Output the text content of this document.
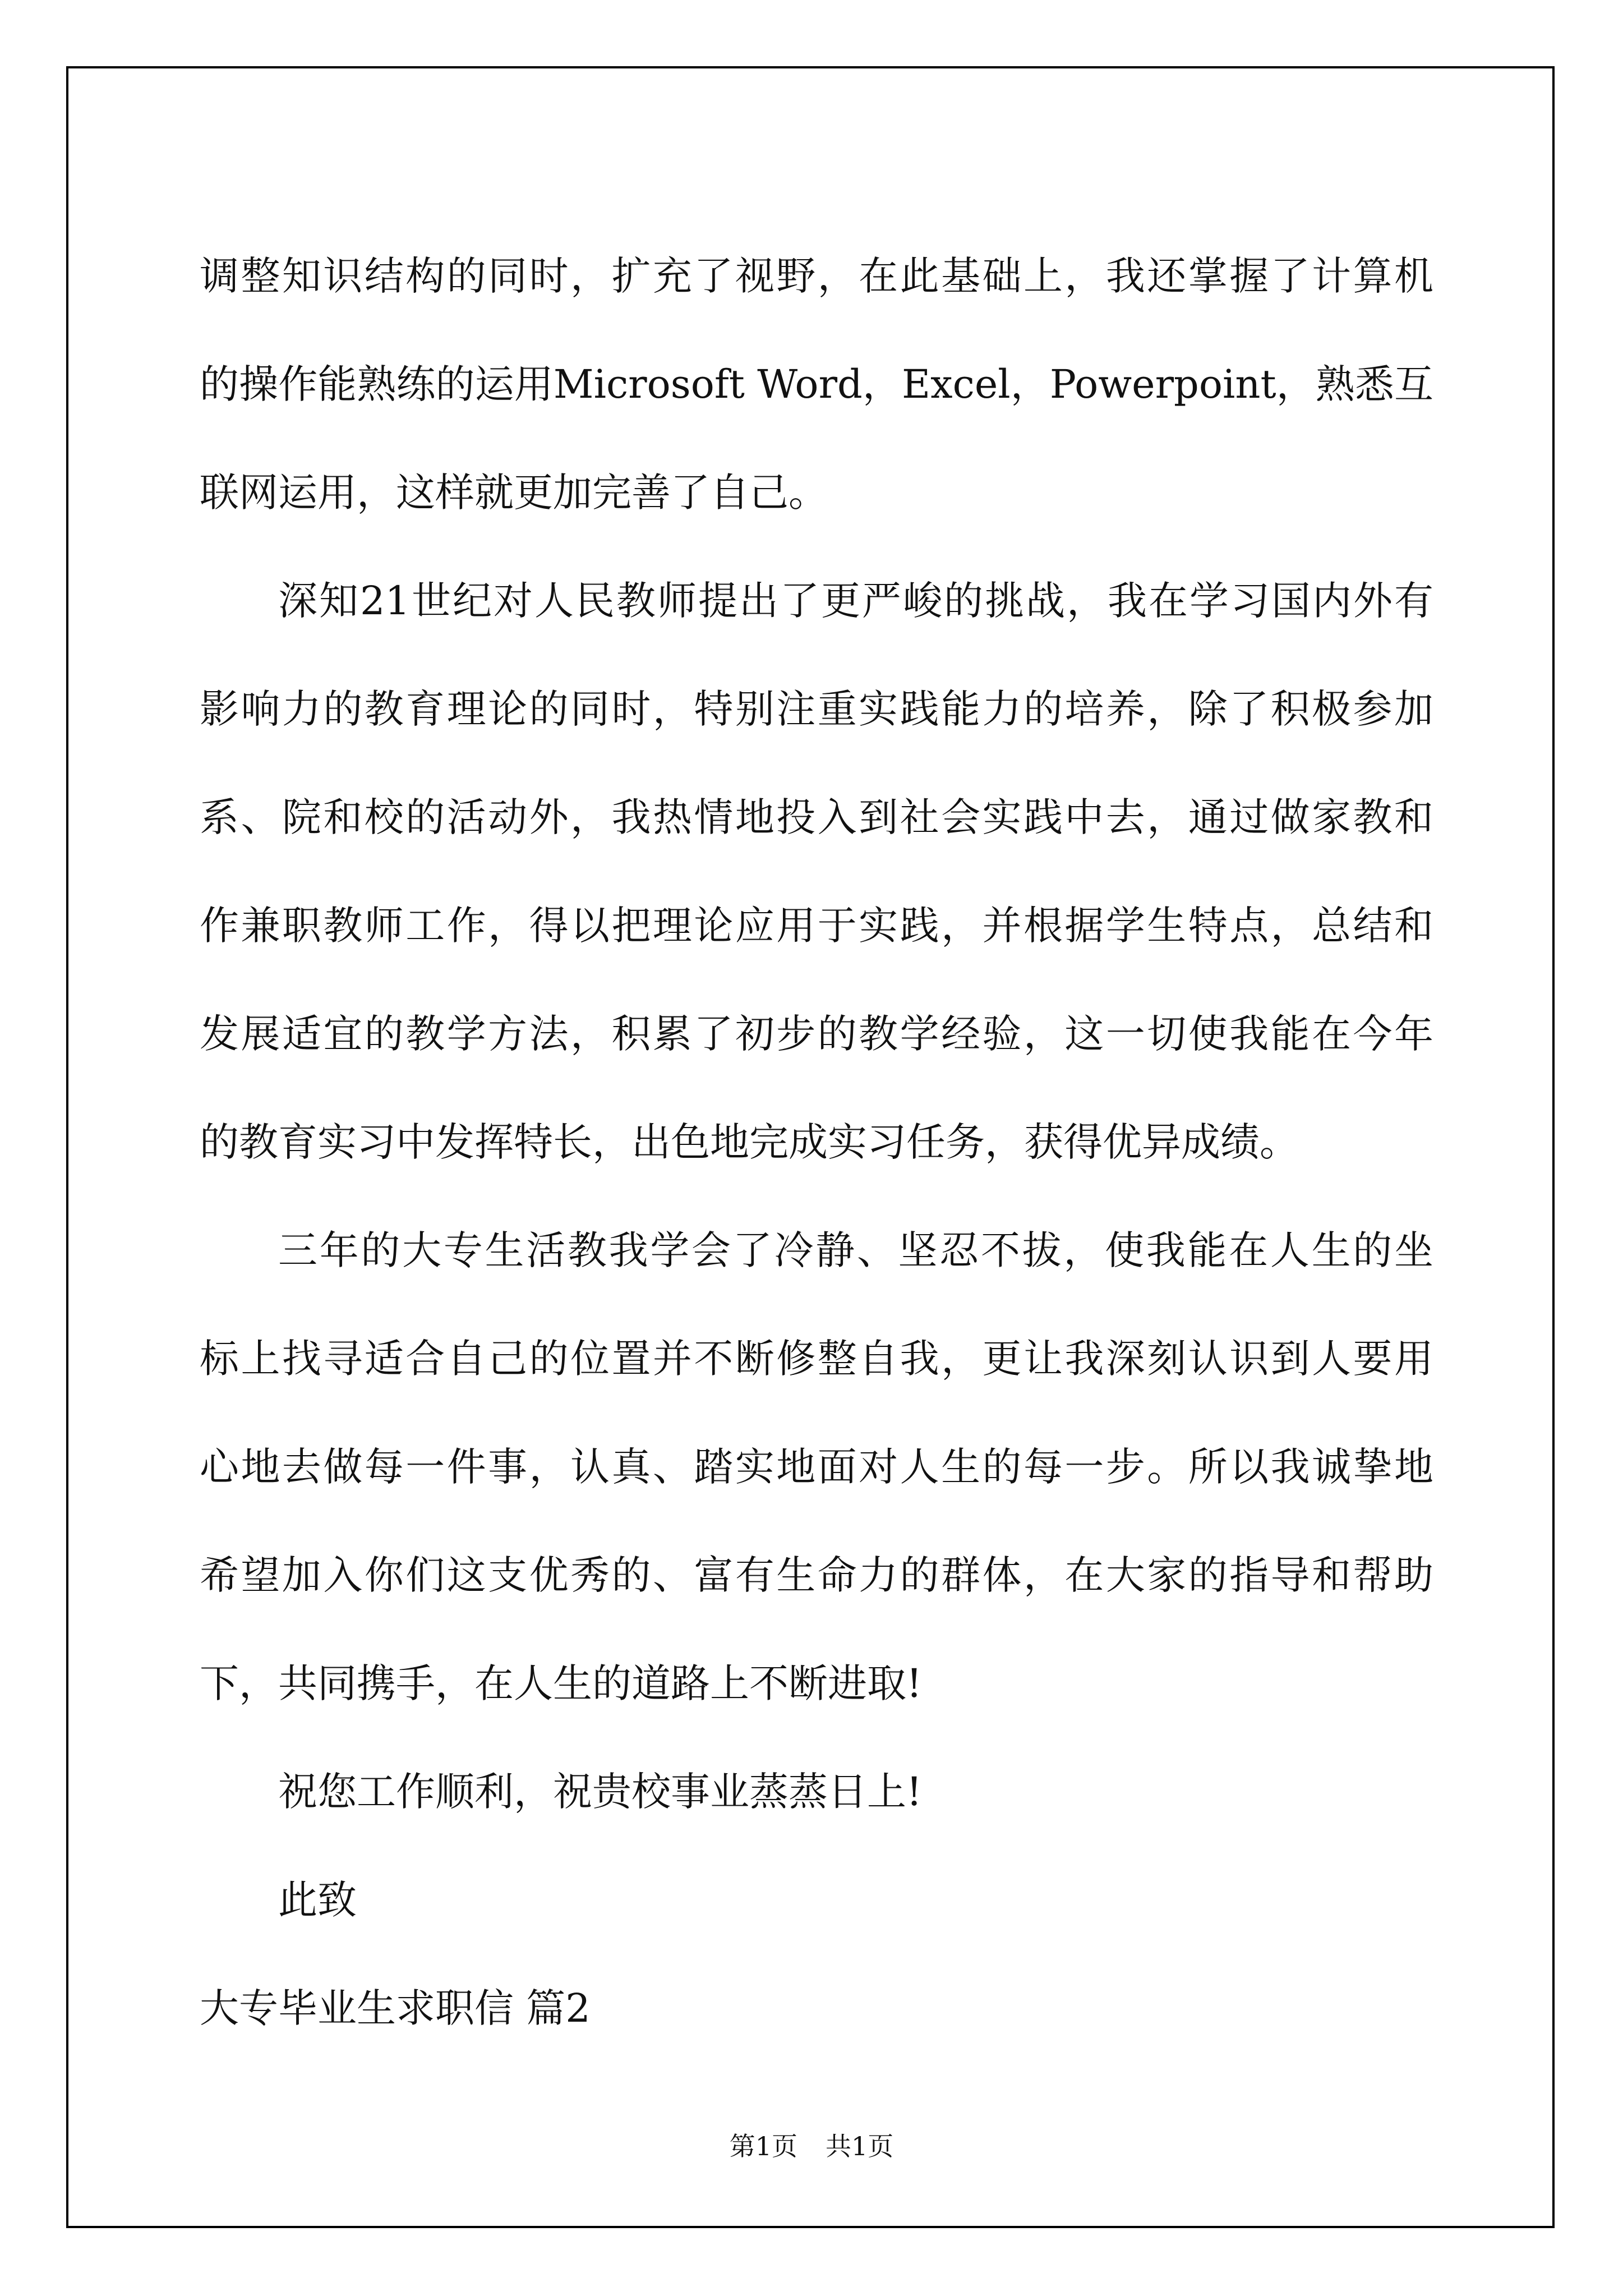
调整知识结构的同时，扩充了视野，在此基础上，我还掌握了计算机
的操作能熟练的运用Microsoft Word，Excel，Powerpoint，熟悉互
联网运用，这样就更加完善了自己。
深知21世纪对人民教师提出了更严峻的挑战，我在学习国内外有
影响力的教育理论的同时，特别注重实践能力的培养，除了积极参加
系、院和校的活动外，我热情地投入到社会实践中去，通过做家教和
作兼职教师工作，得以把理论应用于实践，并根据学生特点，总结和
发展适宜的教学方法，积累了初步的教学经验，这一切使我能在今年
的教育实习中发挥特长，出色地完成实习任务，获得优异成绩。
三年的大专生活教我学会了冷静、坚忍不拔，使我能在人生的坐
标上找寻适合自己的位置并不断修整自我，更让我深刻认识到人要用
心地去做每一件事，认真、踏实地面对人生的每一步。所以我诚挚地
希望加入你们这支优秀的、富有生命力的群体，在大家的指导和帮助
下，共同携手，在人生的道路上不断进取!
祝您工作顺利，祝贵校事业蒸蒸日上!
此致
大专毕业生求职信 篇2
第1页 共1页
